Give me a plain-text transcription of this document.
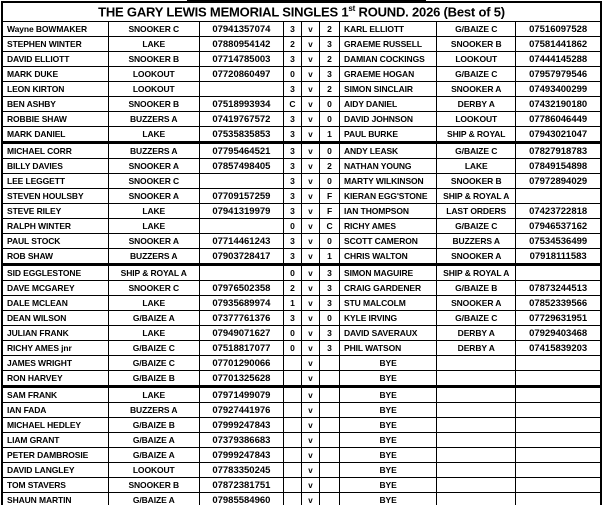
THE GARY LEWIS MEMORIAL SINGLES 1st ROUND. 2026 (Best of 5)								
Wayne BOWMAKER	SNOOKER C	07941357074	3	v	2	KARL ELLIOTT	G/BAIZE C	07516097528
STEPHEN WINTER	LAKE	07880954142	2	v	3	GRAEME RUSSELL	SNOOKER B	07581441862
DAVID ELLIOTT	SNOOKER B	07714785003	3	v	2	DAMIAN COCKINGS	LOOKOUT	07444145288
MARK DUKE	LOOKOUT	07720860497	0	v	3	GRAEME HOGAN	G/BAIZE C	07957979546
LEON KIRTON	LOOKOUT		3	v	2	SIMON SINCLAIR	SNOOKER A	07493400299
BEN ASHBY	SNOOKER B	07518993934	C	v	0	AIDY DANIEL	DERBY A	07432190180
ROBBIE SHAW	BUZZERS A	07419767572	3	v	0	DAVID JOHNSON	LOOKOUT	07786046449
MARK DANIEL	LAKE	07535835853	3	v	1	PAUL BURKE	SHIP & ROYAL	07943021047
MICHAEL CORR	BUZZERS A	07795464521	3	v	0	ANDY LEASK	G/BAIZE C	07827918783
BILLY DAVIES	SNOOKER A	07857498405	3	v	2	NATHAN YOUNG	LAKE	07849154898
LEE LEGGETT	SNOOKER C		3	v	0	MARTY WILKINSON	SNOOKER B	07972894029
STEVEN HOULSBY	SNOOKER A	07709157259	3	v	F	KIERAN EGG'STONE	SHIP & ROYAL A	
STEVE RILEY	LAKE	07941319979	3	v	F	IAN THOMPSON	LAST ORDERS	07423722818
RALPH WINTER	LAKE		0	v	C	RICHY AMES	G/BAIZE C	07946537162
PAUL STOCK	SNOOKER A	07714461243	3	v	0	SCOTT CAMERON	BUZZERS A	07534536499
ROB SHAW	BUZZERS A	07903728417	3	v	1	CHRIS WALTON	SNOOKER A	07918111583
SID EGGLESTONE	SHIP & ROYAL A		0	v	3	SIMON MAGUIRE	SHIP & ROYAL A	
DAVE MCGAREY	SNOOKER C	07976502358	2	v	3	CRAIG GARDENER	G/BAIZE B	07873244513
DALE MCLEAN	LAKE	07935689974	1	v	3	STU MALCOLM	SNOOKER A	07852339566
DEAN WILSON	G/BAIZE A	07377761376	3	v	0	KYLE IRVING	G/BAIZE C	07729631951
JULIAN FRANK	LAKE	07949071627	0	v	3	DAVID SAVERAUX	DERBY A	07929403468
RICHY AMES jnr	G/BAIZE C	07518817077	0	v	3	PHIL WATSON	DERBY A	07415839203
JAMES WRIGHT	G/BAIZE C	07701290066		v		BYE		
RON HARVEY	G/BAIZE B	07701325628		v		BYE		
SAM FRANK	LAKE	07971499079		v		BYE		
IAN FADA	BUZZERS A	07927441976		v		BYE		
MICHAEL HEDLEY	G/BAIZE B	07999247843		v		BYE		
LIAM GRANT	G/BAIZE A	07379386683		v		BYE		
PETER DAMBROSIE	G/BAIZE A	07999247843		v		BYE		
DAVID LANGLEY	LOOKOUT	07783350245		v		BYE		
TOM STAVERS	SNOOKER B	07872381751		v		BYE		
SHAUN MARTIN	G/BAIZE A	07985584960		v		BYE		
